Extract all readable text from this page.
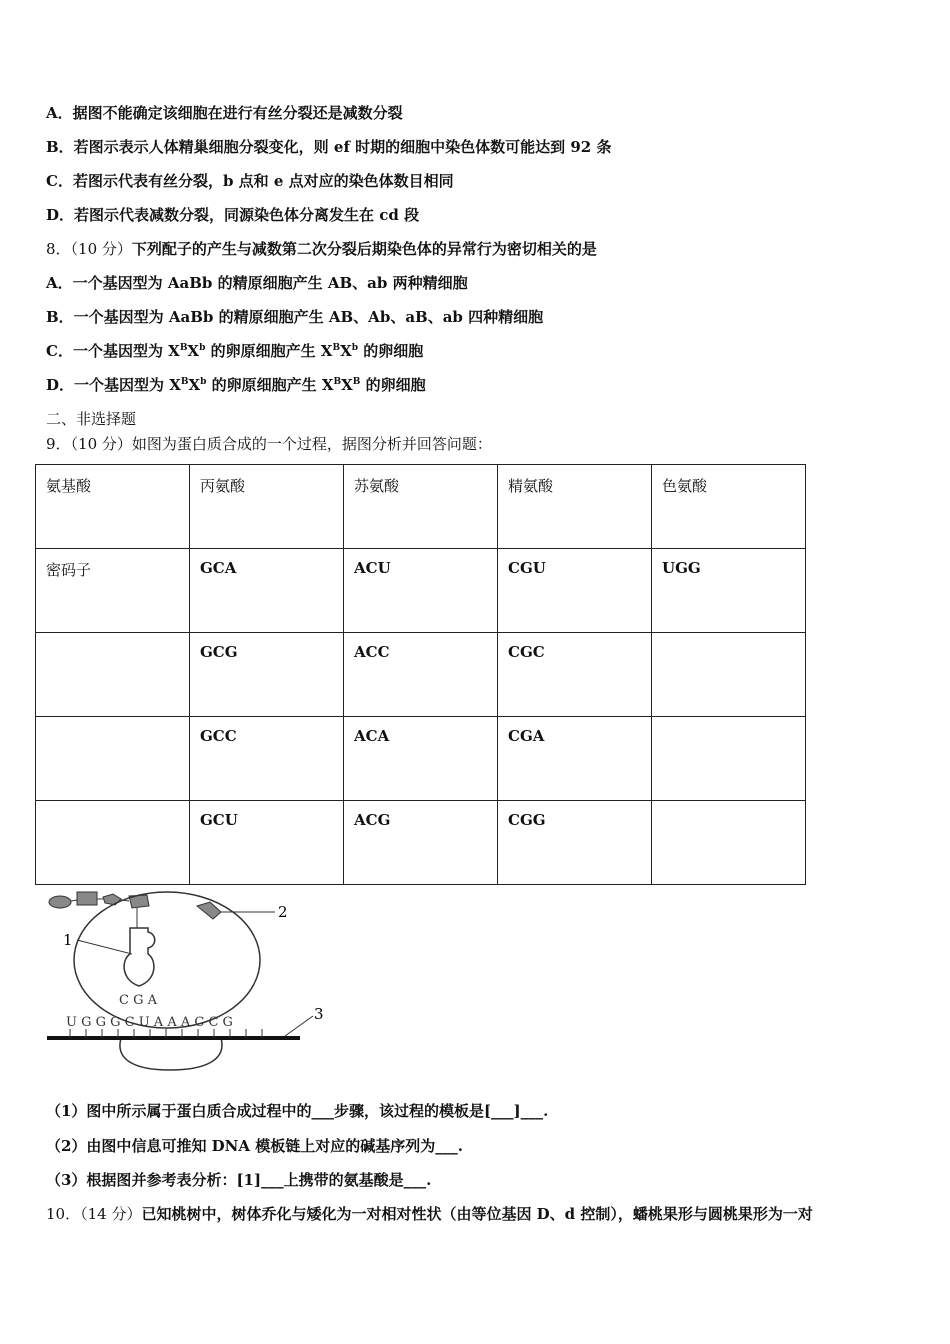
A．据图不能确定该细胞在进行有丝分裂还是减数分裂
B．若图示表示人体精巢细胞分裂变化，则 ef 时期的细胞中染色体数可能达到 92 条
C．若图示代表有丝分裂，b 点和 e 点对应的染色体数目相同
D．若图示代表减数分裂，同源染色体分离发生在 cd 段
8．（10 分）下列配子的产生与减数第二次分裂后期染色体的异常行为密切相关的是
A．一个基因型为 AaBb 的精原细胞产生 AB、ab 两种精细胞
B．一个基因型为 AaBb 的精原细胞产生 AB、Ab、aB、ab 四种精细胞
C．一个基因型为 $X^BX^b$ 的卵原细胞产生 $X^BX^b$ 的卵细胞
D．一个基因型为 $X^BX^b$ 的卵原细胞产生 $X^BX^B$ 的卵细胞
二、非选择题
9．（10 分）如图为蛋白质合成的一个过程，据图分析并回答问题：
氨基酸	丙氨酸	苏氨酸	精氨酸	色氨酸
密码子	GCA	ACU	CGU	UGG
	GCG	ACC	CGC	
	GCC	ACA	CGA	
	GCU	ACG	CGG	
2
1
C G A
U G G G C U A A A C C G	3
（1）图中所示属于蛋白质合成过程中的___步骤，该过程的模板是[___]___.
（2）由图中信息可推知 DNA 模板链上对应的碱基序列为___.
（3）根据图并参考表分析：[1]___上携带的氨基酸是___.
10．（14 分）已知桃树中，树体乔化与矮化为一对相对性状（由等位基因 D、d 控制），蟠桃果形与圆桃果形为一对
